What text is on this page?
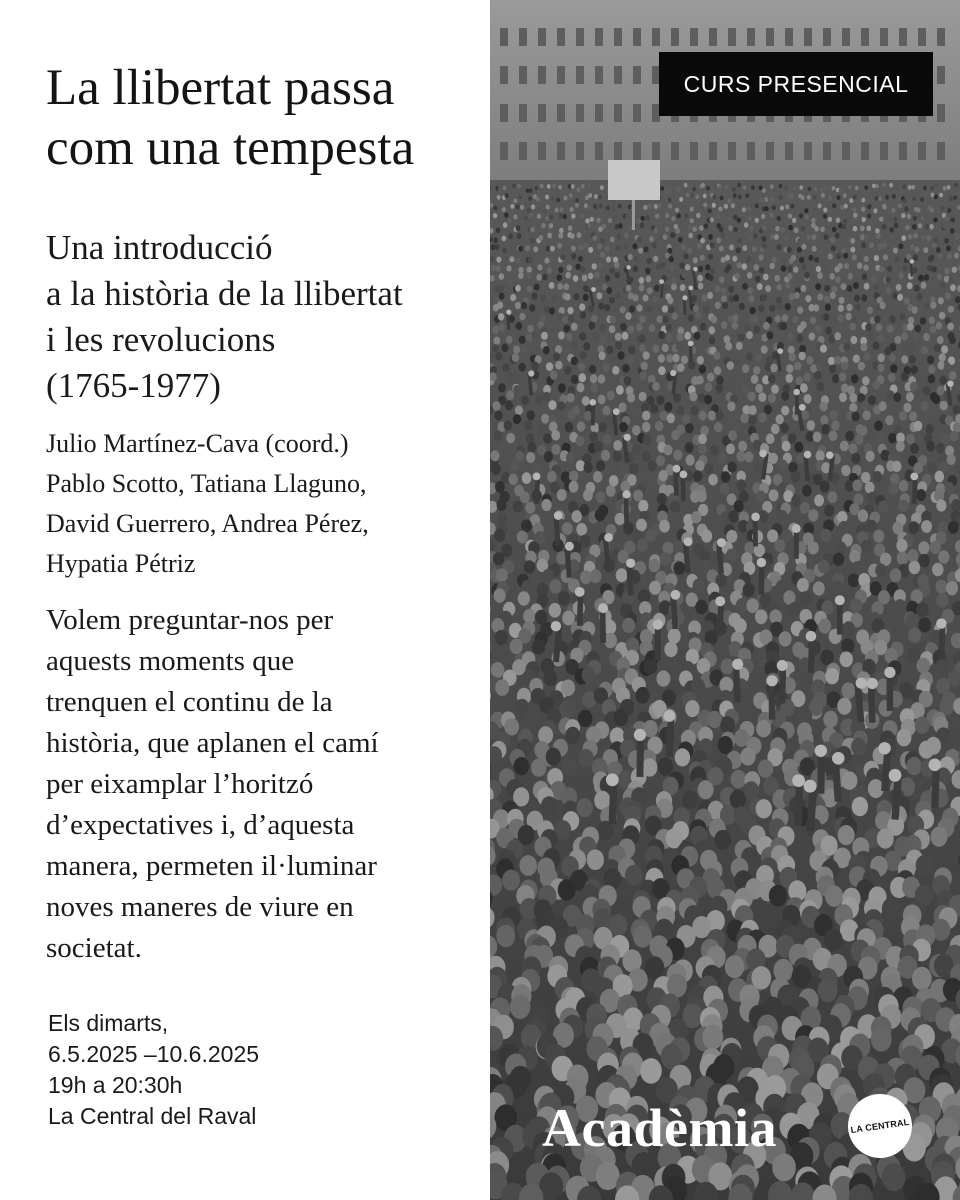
La llibertat passa
com una tempesta
Una introducció
a la història de la llibertat
i les revolucions
(1765-1977)
Julio Martínez-Cava (coord.)
Pablo Scotto, Tatiana Llaguno,
David Guerrero, Andrea Pérez,
Hypatia Pétriz
Volem preguntar-nos per
aquests moments que
trenquen el continu de la
història, que aplanen el camí
per eixamplar l’horitzó
d’expectatives i, d’aquesta
manera, permeten il·luminar
noves maneres de viure en
societat.
Els dimarts,
6.5.2025 –10.6.2025
19h a 20:30h
La Central del Raval
CURS PRESENCIAL
Acadèmia	LA CENTRAL
